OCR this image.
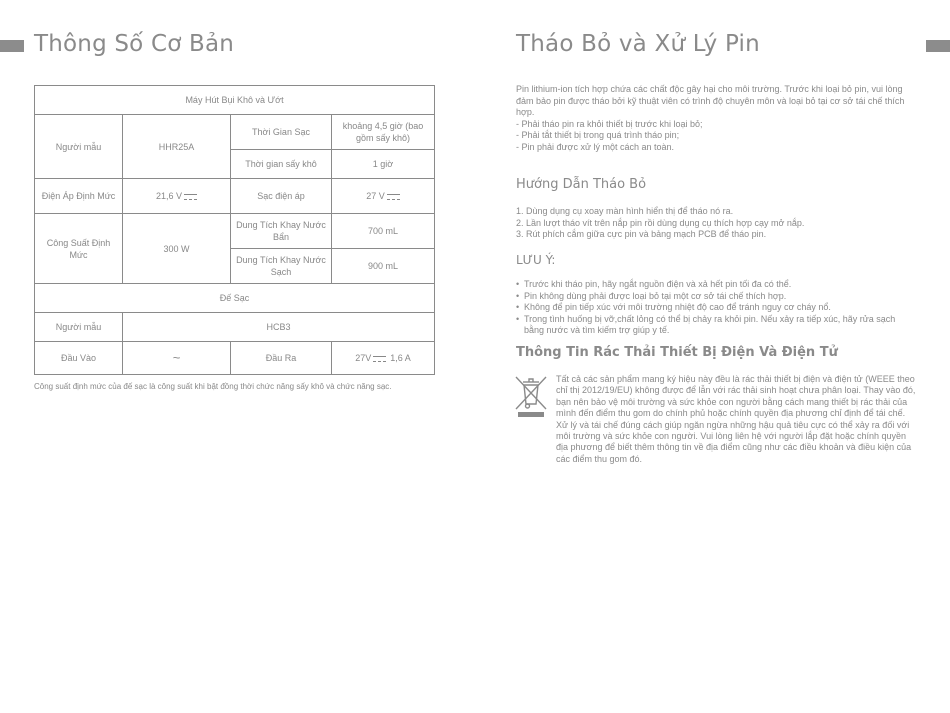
Thông Số Cơ Bản
Máy Hút Bụi Khô và Ướt			
Người mẫu	HHR25A	Thời Gian Sạc	khoảng 4,5 giờ (bao gồm sấy khô)
		Thời gian sấy khô	1 giờ
Điện Áp Định Mức	21,6 V	Sạc điện áp	27 V
Công Suất Định Mức	300 W	Dung Tích Khay Nước Bẩn	700 mL
		Dung Tích Khay Nước Sạch	900 mL
Đế Sạc			
Người mẫu	HCB3		
Đầu Vào	~	Đầu Ra	27V 1,6 A
Công suất định mức của đế sạc là công suất khi bật đồng thời chức năng sấy khô và chức năng sạc.
Tháo Bỏ và Xử Lý Pin
Pin lithium-ion tích hợp chứa các chất độc gây hại cho môi trường. Trước khi loại bỏ pin, vui lòng đảm bảo pin được tháo bởi kỹ thuật viên có trình độ chuyên môn và loại bỏ tại cơ sở tái chế thích hợp.
- Phải tháo pin ra khỏi thiết bị trước khi loại bỏ;
- Phải tắt thiết bị trong quá trình tháo pin;
- Pin phải được xử lý một cách an toàn.
Hướng Dẫn Tháo Bỏ
1. Dùng dụng cụ xoay màn hình hiển thị để tháo nó ra.
2. Lần lượt tháo vít trên nắp pin rồi dùng dụng cụ thích hợp cạy mở nắp.
3. Rút phích cắm giữa cực pin và bảng mạch PCB để tháo pin.
LƯU Ý:
• Trước khi tháo pin, hãy ngắt nguồn điện và xả hết pin tối đa có thể.
• Pin không dùng phải được loại bỏ tại một cơ sở tái chế thích hợp.
• Không để pin tiếp xúc với môi trường nhiệt độ cao để tránh nguy cơ cháy nổ.
• Trong tình huống bị vỡ,chất lỏng có thể bị chảy ra khỏi pin. Nếu xảy ra tiếp xúc, hãy rửa sạch bằng nước và tìm kiếm trợ giúp y tế.
Thông Tin Rác Thải Thiết Bị Điện Và Điện Tử
Tất cả các sản phẩm mang ký hiệu này đều là rác thải thiết bị điện và điện tử (WEEE theo chỉ thị 2012/19/EU) không được để lẫn với rác thải sinh hoạt chưa phân loại. Thay vào đó, bạn nên bảo vệ môi trường và sức khỏe con người bằng cách mang thiết bị rác thải của mình đến điểm thu gom do chính phủ hoặc chính quyền địa phương chỉ định để tái chế. Xử lý và tái chế đúng cách giúp ngăn ngừa những hậu quả tiêu cực có thể xảy ra đối với môi trường và sức khỏe con người. Vui lòng liên hệ với người lắp đặt hoặc chính quyền địa phương để biết thêm thông tin về địa điểm cũng như các điều khoản và điều kiện của các điểm thu gom đó.
